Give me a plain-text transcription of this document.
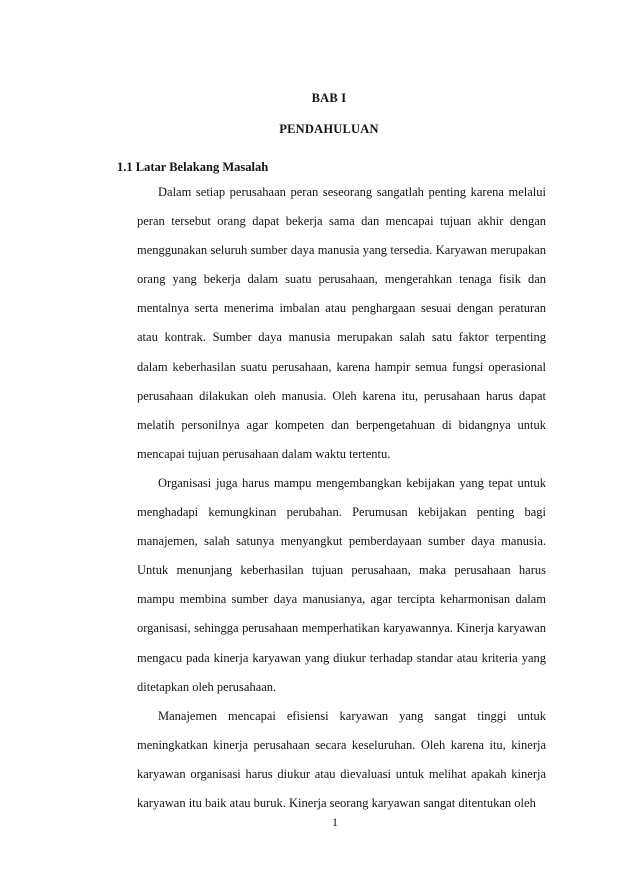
BAB I
PENDAHULUAN
1.1 Latar Belakang Masalah

Dalam setiap perusahaan peran seseorang sangatlah penting karena melalui peran tersebut orang dapat bekerja sama dan mencapai tujuan akhir dengan menggunakan seluruh sumber daya manusia yang tersedia. Karyawan merupakan orang yang bekerja dalam suatu perusahaan, mengerahkan tenaga fisik dan mentalnya serta menerima imbalan atau penghargaan sesuai dengan peraturan atau kontrak. Sumber daya manusia merupakan salah satu faktor terpenting dalam keberhasilan suatu perusahaan, karena hampir semua fungsi operasional perusahaan dilakukan oleh manusia. Oleh karena itu, perusahaan harus dapat melatih personilnya agar kompeten dan berpengetahuan di bidangnya untuk mencapai tujuan perusahaan dalam waktu tertentu.

Organisasi juga harus mampu mengembangkan kebijakan yang tepat untuk menghadapi kemungkinan perubahan. Perumusan kebijakan penting bagi manajemen, salah satunya menyangkut pemberdayaan sumber daya manusia. Untuk menunjang keberhasilan tujuan perusahaan, maka perusahaan harus mampu membina sumber daya manusianya, agar tercipta keharmonisan dalam organisasi, sehingga perusahaan memperhatikan karyawannya. Kinerja karyawan mengacu pada kinerja karyawan yang diukur terhadap standar atau kriteria yang ditetapkan oleh perusahaan.

Manajemen mencapai efisiensi karyawan yang sangat tinggi untuk meningkatkan kinerja perusahaan secara keseluruhan. Oleh karena itu, kinerja karyawan organisasi harus diukur atau dievaluasi untuk melihat apakah kinerja karyawan itu baik atau buruk. Kinerja seorang karyawan sangat ditentukan oleh

1
